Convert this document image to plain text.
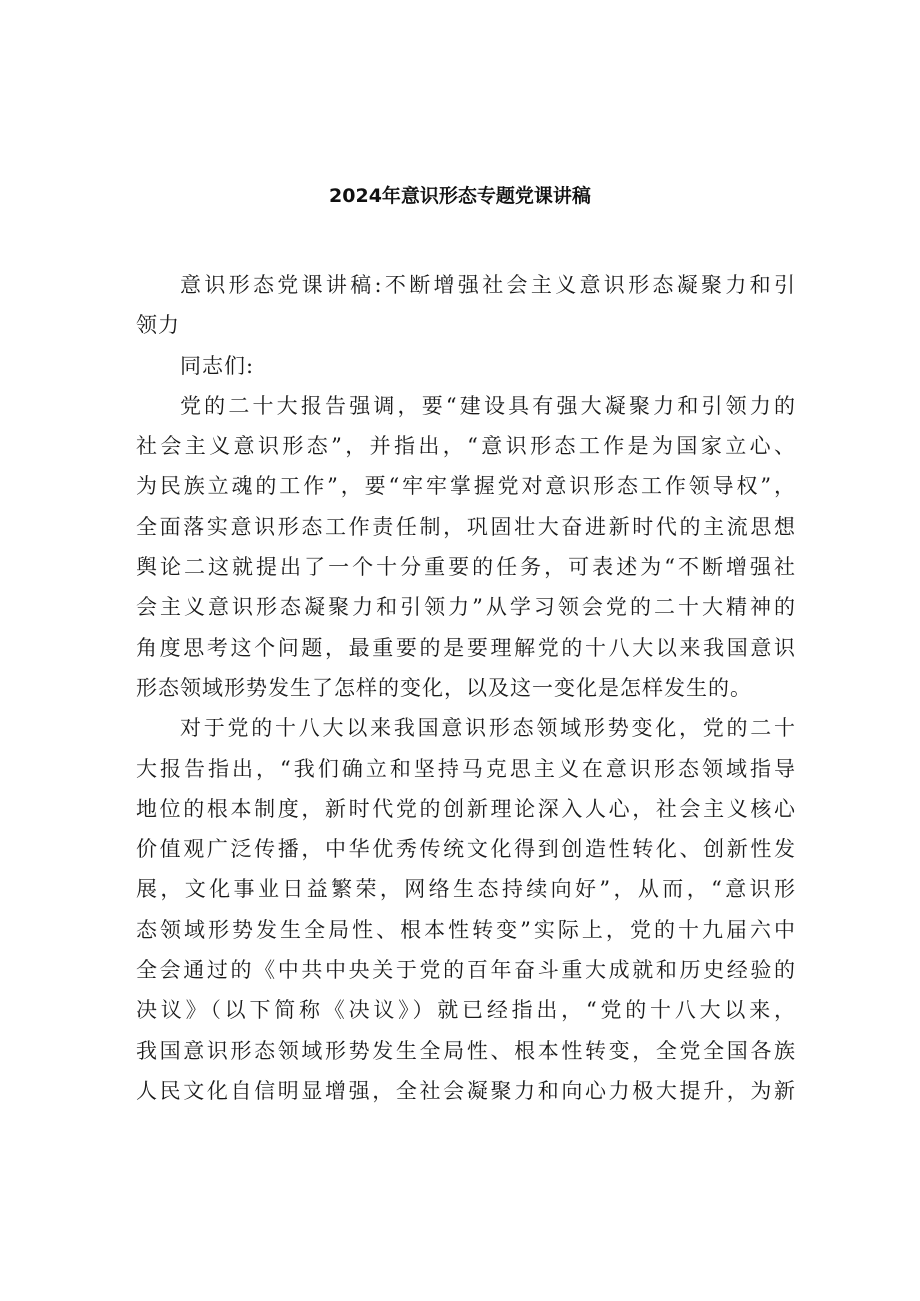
2024年意识形态专题党课讲稿
意识形态党课讲稿:不断增强社会主义意识形态凝聚力和引
领力
同志们:
党的二十大报告强调，要“建设具有强大凝聚力和引领力的
社会主义意识形态”，并指出，“意识形态工作是为国家立心、
为民族立魂的工作”，要“牢牢掌握党对意识形态工作领导权”，
全面落实意识形态工作责任制，巩固壮大奋进新时代的主流思想
舆论二这就提出了一个十分重要的任务，可表述为“不断增强社
会主义意识形态凝聚力和引领力”从学习领会党的二十大精神的
角度思考这个问题，最重要的是要理解党的十八大以来我国意识
形态领域形势发生了怎样的变化，以及这一变化是怎样发生的。
对于党的十八大以来我国意识形态领域形势变化，党的二十
大报告指出，“我们确立和坚持马克思主义在意识形态领域指导
地位的根本制度，新时代党的创新理论深入人心，社会主义核心
价值观广泛传播，中华优秀传统文化得到创造性转化、创新性发
展，文化事业日益繁荣，网络生态持续向好”，从而，“意识形
态领域形势发生全局性、根本性转变”实际上，党的十九届六中
全会通过的《中共中央关于党的百年奋斗重大成就和历史经验的
决议》（以下简称《决议》）就已经指出，“党的十八大以来，
我国意识形态领域形势发生全局性、根本性转变，全党全国各族
人民文化自信明显增强，全社会凝聚力和向心力极大提升，为新
